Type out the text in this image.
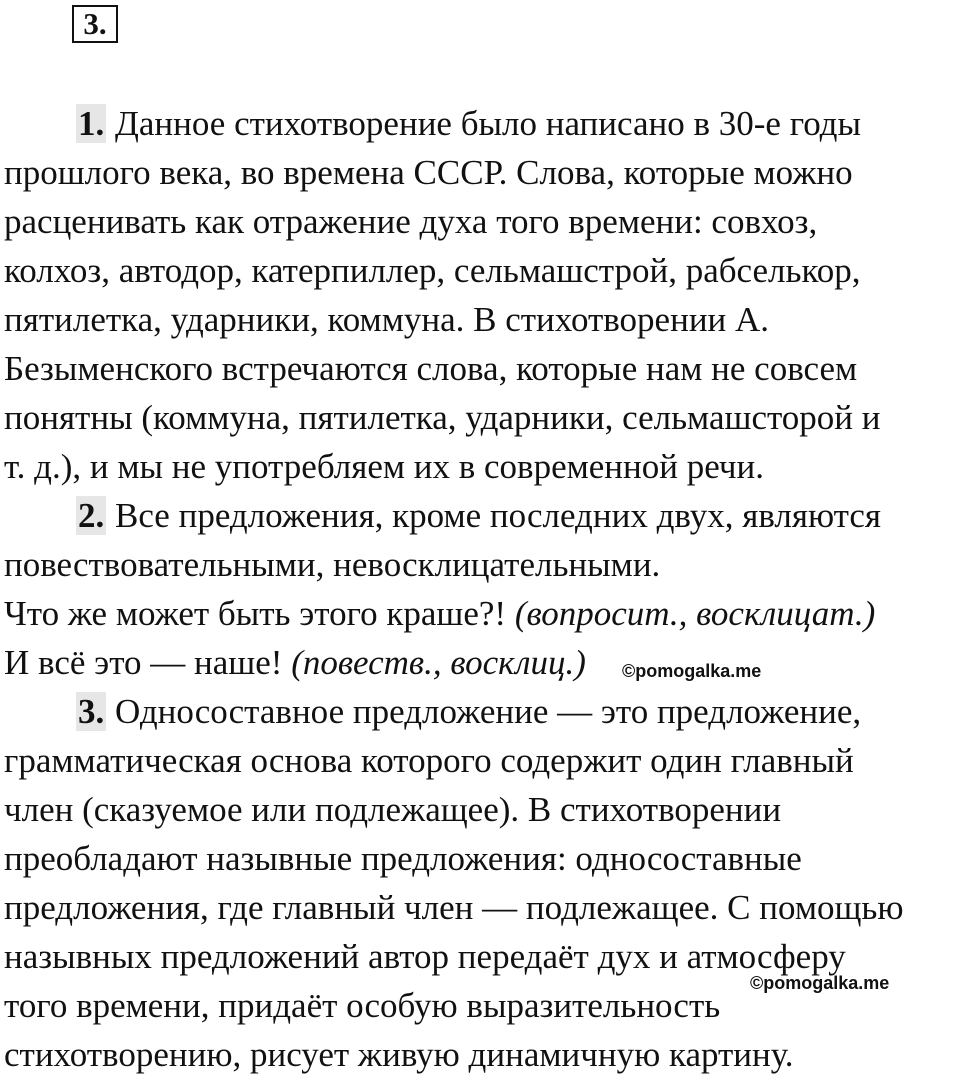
3.
1. Данное стихотворение было написано в 30-е годы
прошлого века, во времена СССР. Слова, которые можно
расценивать как отражение духа того времени: совхоз,
колхоз, автодор, катерпиллер, сельмашстрой, рабселькор,
пятилетка, ударники, коммуна. В стихотворении А.
Безыменского встречаются слова, которые нам не совсем
понятны (коммуна, пятилетка, ударники, сельмашсторой и
т. д.), и мы не употребляем их в современной речи.
2. Все предложения, кроме последних двух, являются
повествовательными, невосклицательными.
Что же может быть этого краше?! (вопросит., восклицат.)
И всё это — наше! (повеств., восклиц.) ©pomogalka.me
3. Односоставное предложение — это предложение,
грамматическая основа которого содержит один главный
член (сказуемое или подлежащее). В стихотворении
преобладают назывные предложения: односоставные
предложения, где главный член — подлежащее. С помощью
назывных предложений автор передаёт дух и атмосферу
©pomogalka.me
того времени, придаёт особую выразительность
стихотворению, рисует живую динамичную картину.
